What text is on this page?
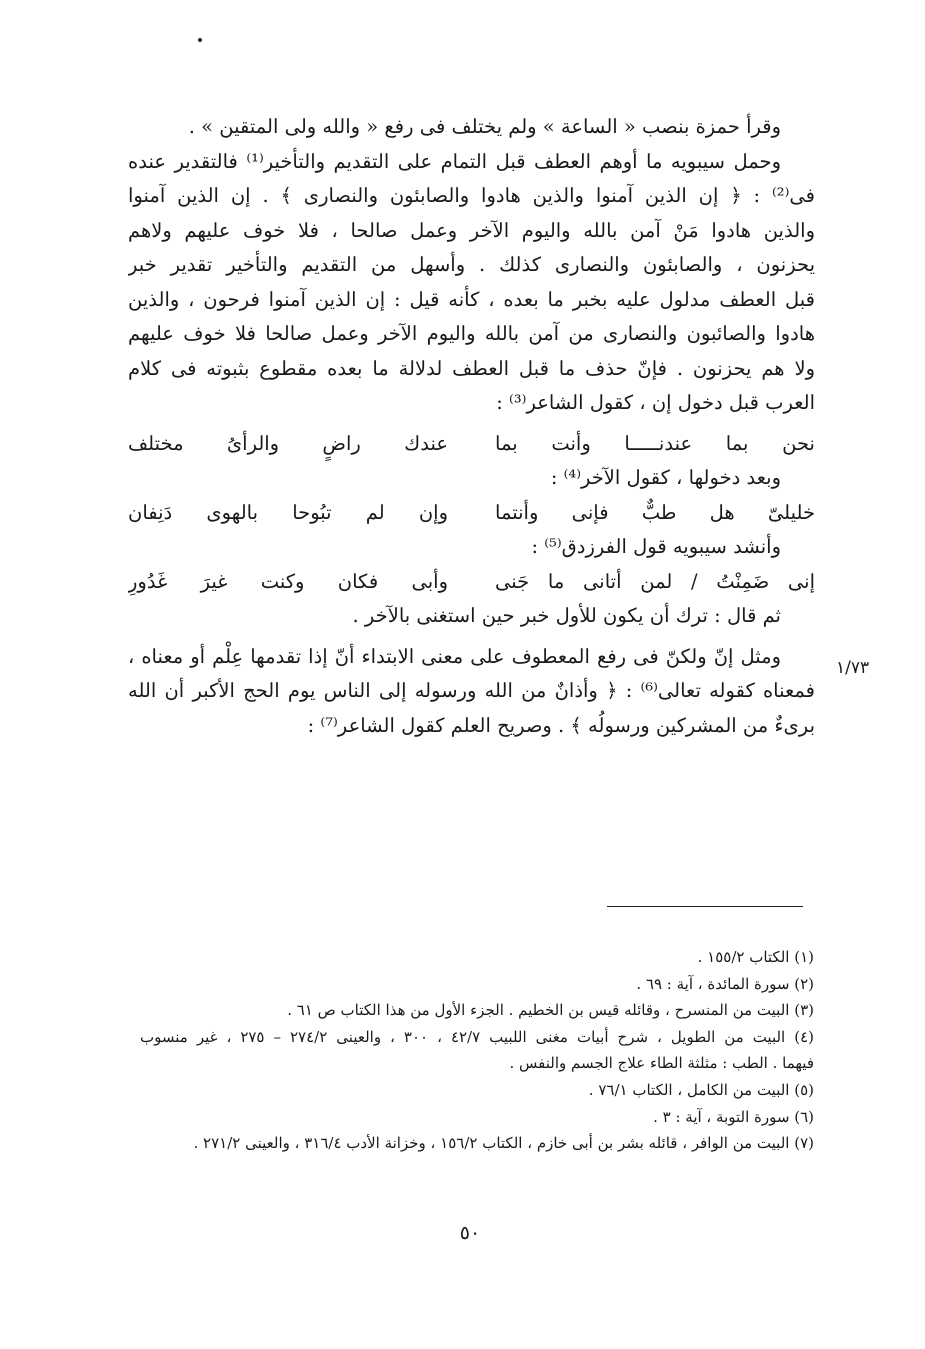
وقرأ حمزة بنصب « الساعة » ولم يختلف فى رفع « والله ولى المتقين » .
وحمل سيبويه ما أوهم العطف قبل التمام على التقديم والتأخير⁽¹⁾ فالتقدير عنده
فى⁽²⁾ : ﴿ إن الذين آمنوا والذين هادوا والصابئون والنصارى ﴾ . إن الذين آمنوا
والذين هادوا مَنْ آمن بالله واليوم الآخر وعمل صالحا ، فلا خوف عليهم ولاهم
يحزنون ، والصابئون والنصارى كذلك . وأسهل من التقديم والتأخير تقدير خبر
قبل العطف مدلول عليه بخبر ما بعده ، كأنه قيل : إن الذين آمنوا فرحون ، والذين
هادوا والصائبون والنصارى من آمن بالله واليوم الآخر وعمل صالحا فلا خوف عليهم
ولا هم يحزنون . فإنّ حذف ما قبل العطف لدلالة ما بعده مقطوع بثبوته فى كلام
العرب قبل دخول إن ، كقول الشاعر⁽³⁾ :
نحن بما عندنـــــا وأنت بما
عندك راضٍ والرأىُ مختلف
وبعد دخولها ، كقول الآخر⁽⁴⁾ :
خليلىّ هل طبٌّ فإنى وأنتما
وإن لم تبُوحا بالهوى دَنِفان
وأنشد سيبويه قول الفرزدق⁽⁵⁾ :
إنى ضَمِنْتُ / لمن أتانى ما جَنى
وأبى فكان وكنت غيرَ غَدُورِ
ثم قال : ترك أن يكون للأول خبر حين استغنى بالآخر .
ومثل إنّ ولكنّ فى رفع المعطوف على معنى الابتداء أنّ إذا تقدمها عِلْم أو معناه ،
فمعناه كقوله تعالى⁽⁶⁾ : ﴿ وأذانٌ من الله ورسوله إلى الناس يوم الحج الأكبر أن الله
برىءٌ من المشركين ورسولُه ﴾ . وصريح العلم كقول الشاعر⁽⁷⁾ :
١/٧٣
(١) الكتاب ١٥٥/٢ .
(٢) سورة المائدة ، آية : ٦٩ .
(٣) البيت من المنسرح ، وقائله قيس بن الخطيم . الجزء الأول من هذا الكتاب ص ٦١ .
(٤) البيت من الطويل ، شرح أبيات مغنى اللبيب ٤٢/٧ ، ٣٠٠ ، والعينى ٢٧٤/٢ – ٢٧٥ ، غير منسوب
فيهما . الطب : مثلثة الطاء علاج الجسم والنفس .
(٥) البيت من الكامل ، الكتاب ٧٦/١ .
(٦) سورة التوبة ، آية : ٣ .
(٧) البيت من الوافر ، قائله بشر بن أبى خازم ، الكتاب ١٥٦/٢ ، وخزانة الأدب ٣١٦/٤ ، والعينى ٢٧١/٢ .
٥٠
